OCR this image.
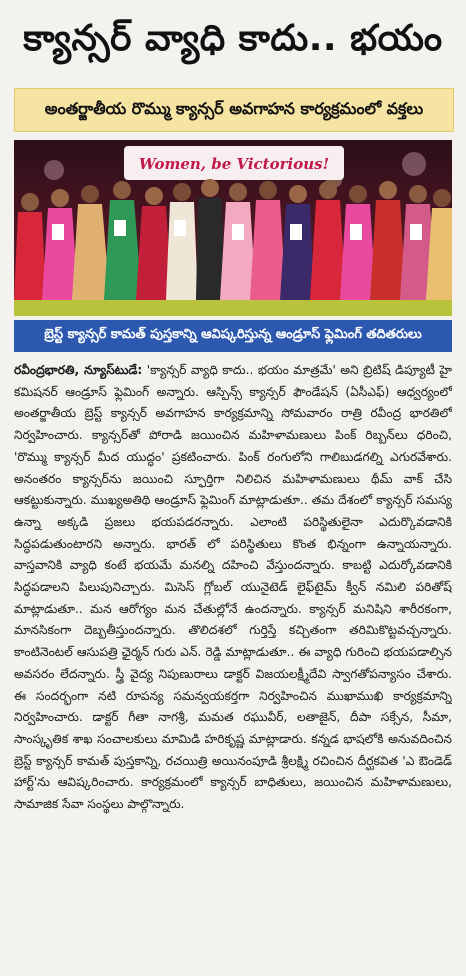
క్యాన్సర్ వ్యాధి కాదు.. భయం
అంతర్జాతీయ రొమ్ము క్యాన్సర్ అవగాహన కార్యక్రమంలో వక్తలు
Women, be Victorious!
బ్రెస్ట్ క్యాన్సర్ కామత్ పుస్తకాన్ని ఆవిష్కరిస్తున్న ఆండ్రూస్ ఫ్లెమింగ్ తదితరులు
రవీంద్రభారతి, న్యూస్‌టుడే: 'క్యాన్సర్ వ్యాధి కాదు.. భయం మాత్రమే' అని బ్రిటిష్ డిప్యూటీ హై కమిషనర్ ఆండ్రూస్ ఫ్లెమింగ్ అన్నారు. ఆస్పిన్స్ క్యాన్సర్ ఫౌండేషన్ (ఏసీఎఫ్) ఆధ్వర్యంలో అంతర్జాతీయ బ్రెస్ట్ క్యాన్సర్ అవగాహన కార్యక్రమాన్ని సోమవారం రాత్రి రవీంద్ర భారతిలో నిర్వహించారు. క్యాన్సర్‌తో పోరాడి జయించిన మహిళామణులు పింక్ రిబ్బన్‌లు ధరించి, 'రొమ్ము క్యాన్సర్ మీద యుద్ధం' ప్రకటించారు. పింక్ రంగులోని గాలిబుడగల్ని ఎగురవేశారు. అనంతరం క్యాన్సర్‌ను జయించి స్ఫూర్తిగా నిలిచిన మహిళామణులు థీమ్ వాక్ చేసి ఆకట్టుకున్నారు. ముఖ్యఅతిథి ఆండ్రూస్ ఫ్లెమింగ్ మాట్లాడుతూ.. తమ దేశంలో క్యాన్సర్ సమస్య ఉన్నా అక్కడి ప్రజలు భయపడరన్నారు. ఎలాంటి పరిస్థితులైనా ఎదుర్కొవడానికి సిద్ధపడుతుంటారని అన్నారు. భారత్ లో పరిస్థితులు కొంత భిన్నంగా ఉన్నాయన్నారు. వాస్తవానికి వ్యాధి కంటే భయమే మనల్ని దహించి వేస్తుందన్నారు. కాబట్టి ఎదుర్కోవడానికి సిద్ధపడాలని పిలుపునిచ్చారు. మిసెస్ గ్లోబల్ యునైటెడ్ లైఫ్‌టైమ్ క్వీన్ నమిలి పరితోష్ మాట్లాడుతూ.. మన ఆరోగ్యం మన చేతుల్లోనే ఉందన్నారు. క్యాన్సర్ మనిషిని శారీరకంగా, మానసికంగా దెబ్బతీస్తుందన్నారు. తొలిదశలో గుర్తిస్తే కచ్చితంగా తరిమికొట్టవచ్చన్నారు. కాంటినెంటల్ ఆసుపత్రి ఛైర్మన్ గురు ఎన్. రెడ్డి మాట్లాడుతూ.. ఈ వ్యాధి గురించి భయపడాల్సిన అవసరం లేదన్నారు. స్త్రీ వైద్య నిపుణురాలు డాక్టర్ విజయలక్ష్మీదేవి స్వాగతోపన్యాసం చేశారు. ఈ సందర్భంగా నటి రూపన్య సమన్వయకర్తగా నిర్వహించిన ముఖాముఖి కార్యక్రమాన్ని నిర్వహించారు. డాక్టర్ గీతా నాగశ్రీ, మమత రఘువీర్, లతాజైన్, దీపా సక్సేన, సీమా, సాంస్కృతిక శాఖ సంచాలకులు మామిడి హరికృష్ణ మాట్లాడారు. కన్నడ భాషలోకి అనువదించిన బ్రెస్ట్ క్యాన్సర్ కామత్ పుస్తకాన్ని, రచయిత్రి అయినంపూడి శ్రీలక్ష్మి రచించిన దీర్ఘకవిత 'ఎ ఔండెడ్ హార్ట్'ను ఆవిష్కరించారు. కార్యక్రమంలో క్యాన్సర్ బాధితులు, జయించిన మహిళామణులు, సామాజిక సేవా సంస్థలు పాల్గొన్నారు.
